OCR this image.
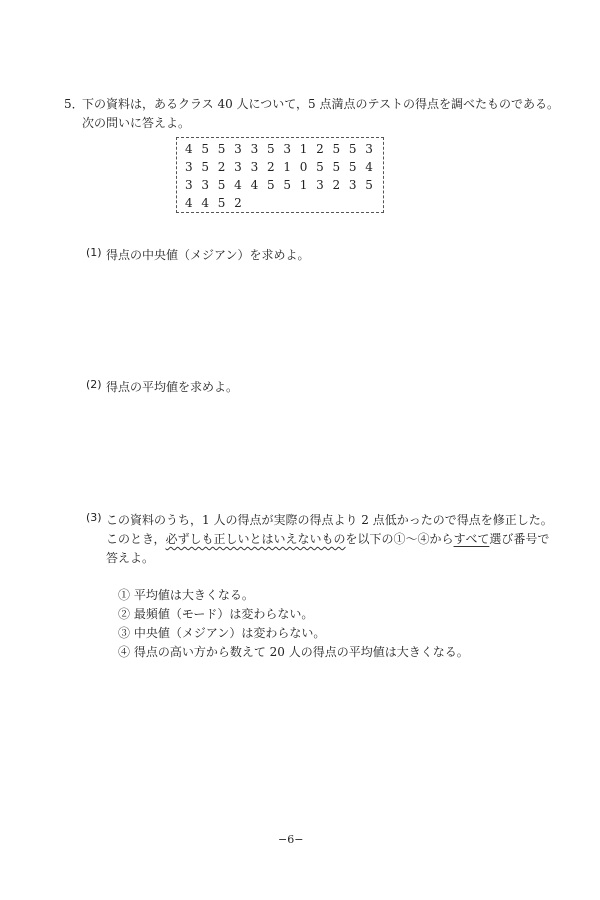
5．
下の資料は，あるクラス 40 人について，5 点満点のテストの得点を調べたものである。
次の問いに答えよ。
4 5 5 3 3 5 3 1 2 5 5 3
3 5 2 3 3 2 1 0 5 5 5 4
3 3 5 4 4 5 5 1 3 2 3 5
4 4 5 2
(1) 得点の中央値（メジアン）を求めよ。
(2) 得点の平均値を求めよ。
(3) この資料のうち，1 人の得点が実際の得点より 2 点低かったので得点を修正した。
このとき，必ずしも正しいとはいえないものを以下の①～④からすべて選び番号で
答えよ。
① 平均値は大きくなる。
② 最頻値（モード）は変わらない。
③ 中央値（メジアン）は変わらない。
④ 得点の高い方から数えて 20 人の得点の平均値は大きくなる。
−6−
